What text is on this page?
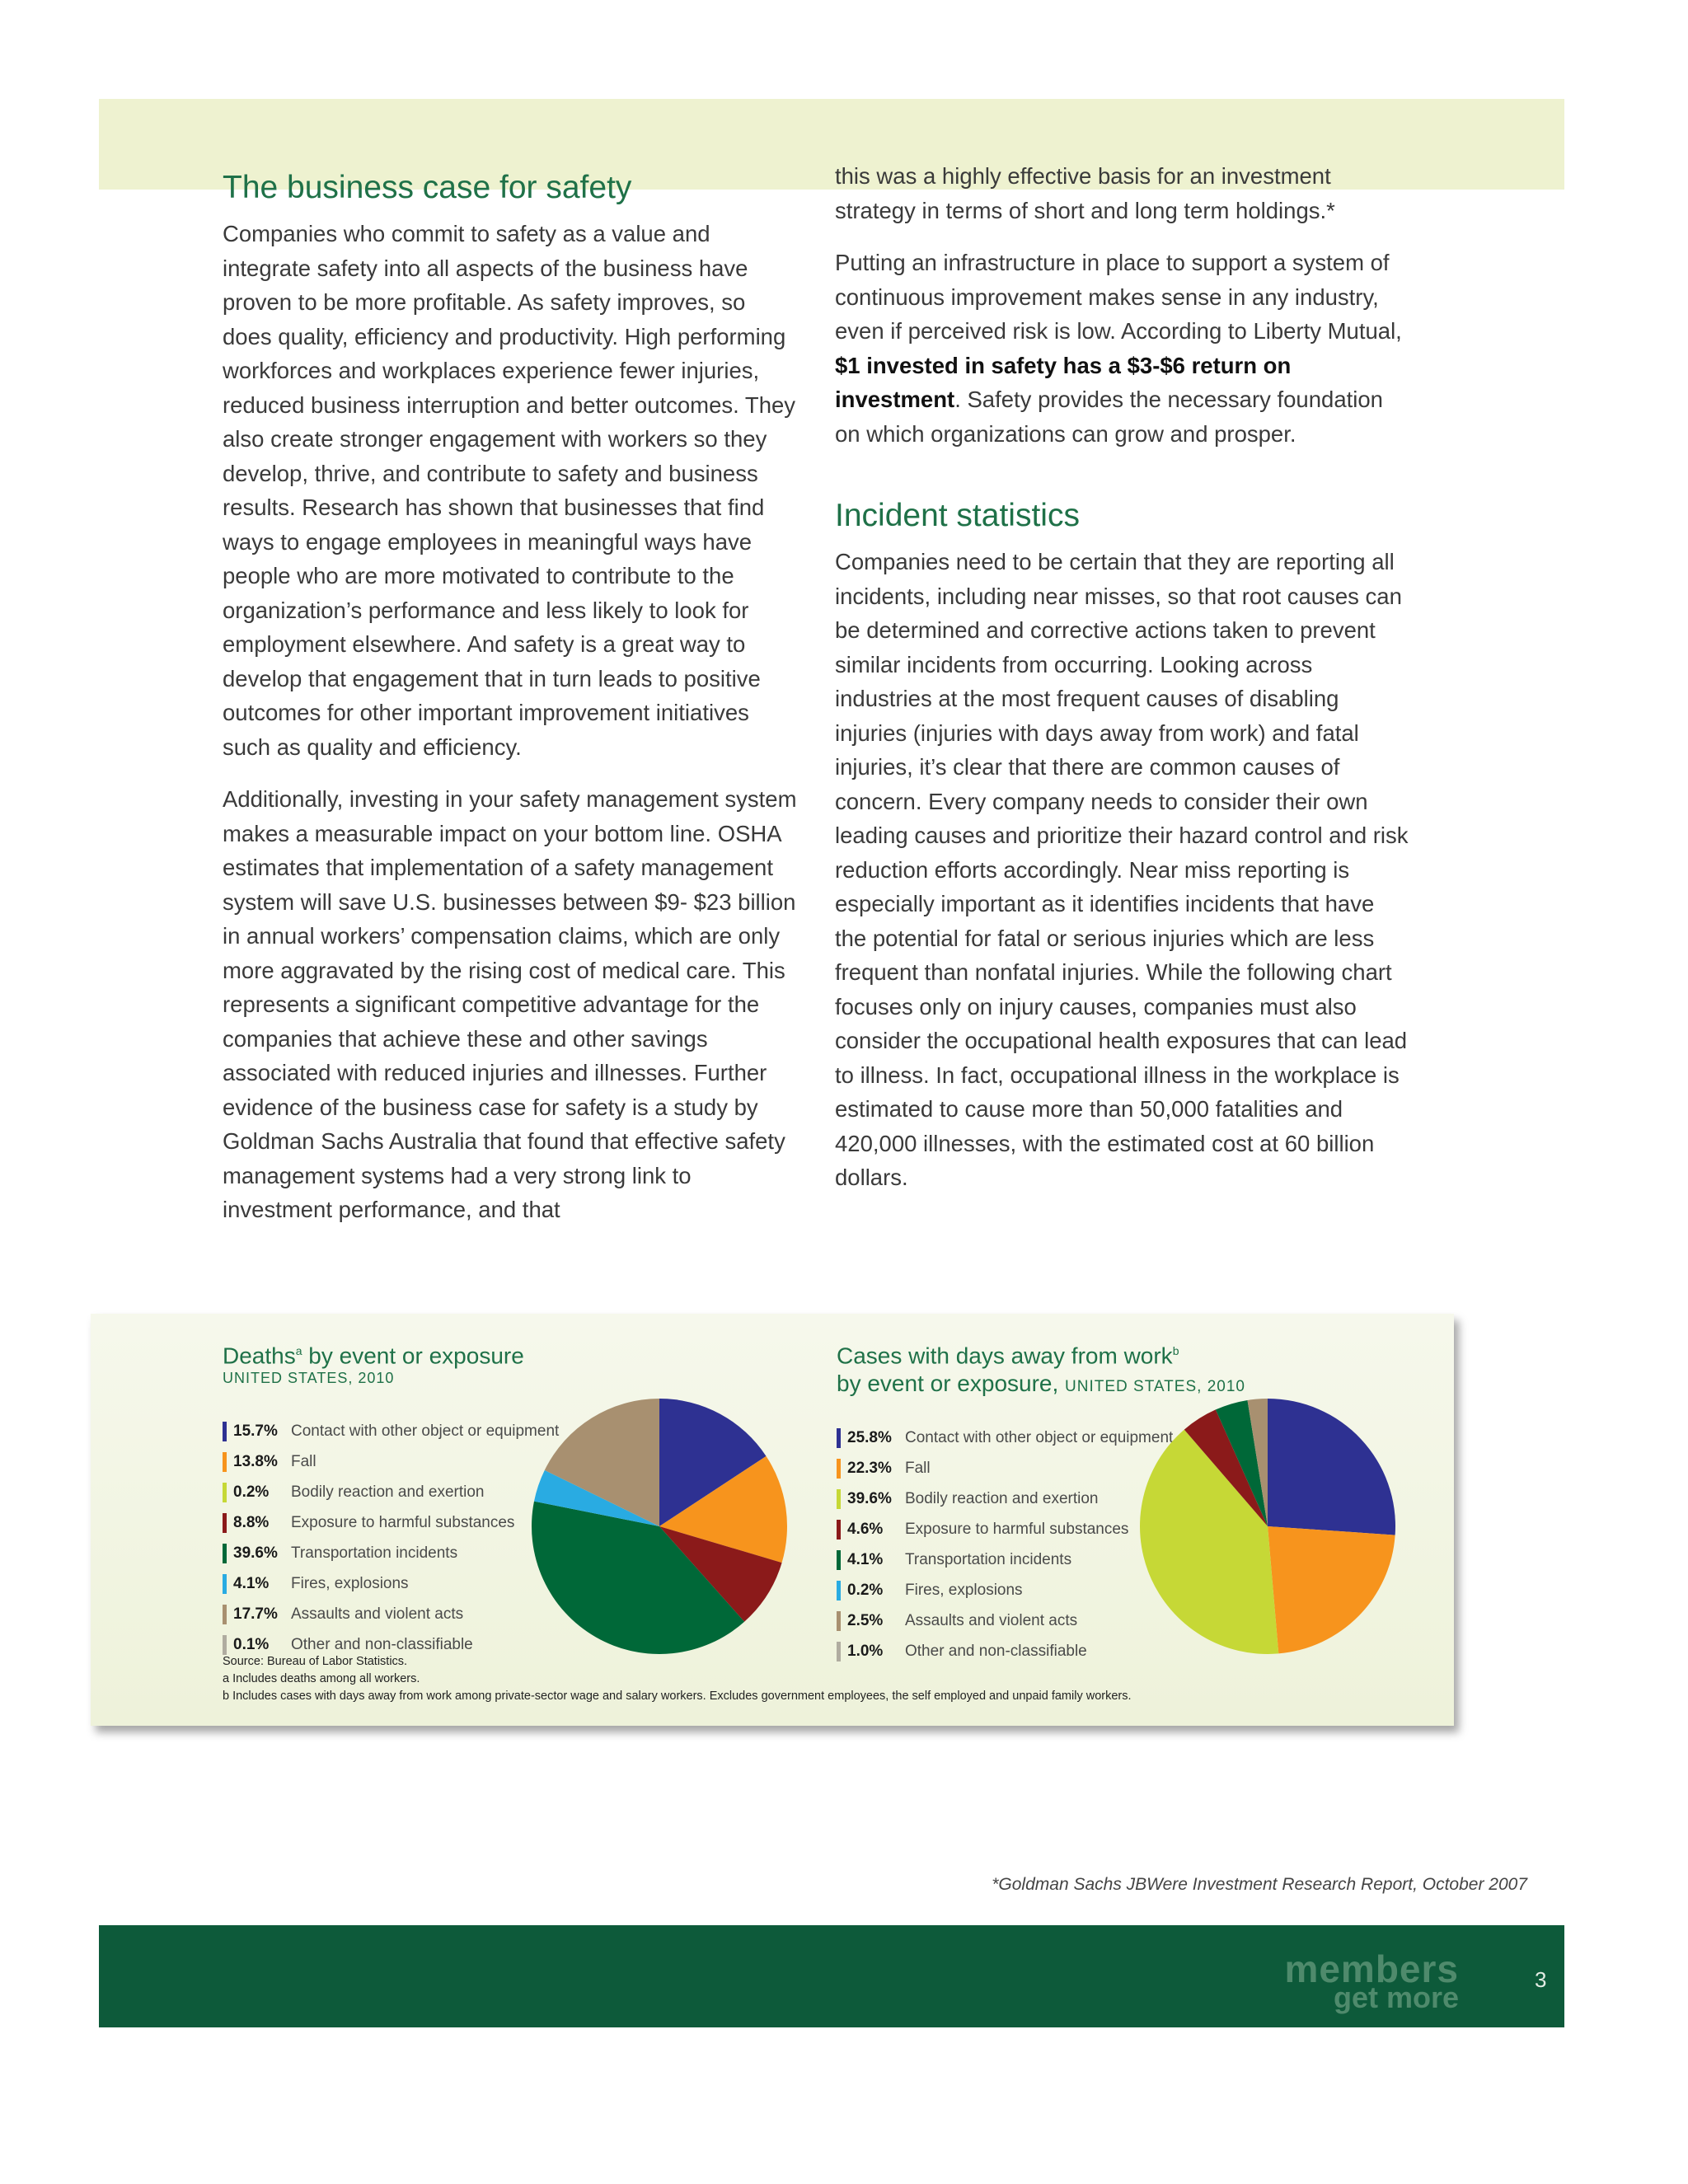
members
get more
3
The business case for safety

Companies who commit to safety as a value and integrate safety into all aspects of the business have proven to be more profitable. As safety improves, so does quality, efficiency and productivity. High performing workforces and workplaces experience fewer injuries, reduced business interruption and better outcomes. They also create stronger engagement with workers so they develop, thrive, and contribute to safety and business results. Research has shown that businesses that find ways to engage employees in meaningful ways have people who are more motivated to contribute to the organization’s performance and less likely to look for employment elsewhere. And safety is a great way to develop that engagement that in turn leads to positive outcomes for other important improvement initiatives such as quality and efficiency.

Additionally, investing in your safety management system makes a measurable impact on your bottom line. OSHA estimates that implementation of a safety management system will save U.S. businesses between $9- $23 billion in annual workers’ compensation claims, which are only more aggravated by the rising cost of medical care. This represents a significant competitive advantage for the companies that achieve these and other savings associated with reduced injuries and illnesses. Further evidence of the business case for safety is a study by Goldman Sachs Australia that found that effective safety management systems had a very strong link to investment performance, and that

this was a highly effective basis for an investment strategy in terms of short and long term holdings.*

Putting an infrastructure in place to support a system of continuous improvement makes sense in any industry, even if perceived risk is low. According to Liberty Mutual, $1 invested in safety has a $3-$6 return on investment. Safety provides the necessary foundation on which organizations can grow and prosper.

Incident statistics

Companies need to be certain that they are reporting all incidents, including near misses, so that root causes can be determined and corrective actions taken to prevent similar incidents from occurring. Looking across industries at the most frequent causes of disabling injuries (injuries with days away from work) and fatal injuries, it’s clear that there are common causes of concern. Every company needs to consider their own leading causes and prioritize their hazard control and risk reduction efforts accordingly. Near miss reporting is especially important as it identifies incidents that have the potential for fatal or serious injuries which are less frequent than nonfatal injuries. While the following chart focuses only on injury causes, companies must also consider the occupational health exposures that can lead to illness. In fact, occupational illness in the workplace is estimated to cause more than 50,000 fatalities and 420,000 illnesses, with the estimated cost at 60 billion dollars.

Deaths$^a$ by event or exposure
UNITED STATES, 2010
15.7% Contact with other object or equipment
13.8% Fall
0.2%	Bodily reaction and exertion
8.8%	Exposure to harmful substances
39.6% Transportation incidents
4.1%	Fires, explosions
17.7% Assaults and violent acts
0.1%	Other and non-classifiable
Cases with days away from work$^b$
by event or exposure, UNITED STATES, 2010
25.8% Contact with other object or equipment
22.3% Fall
39.6% Bodily reaction and exertion
4.6%	Exposure to harmful substances
4.1%	Transportation incidents
0.2%	Fires, explosions
2.5%	Assaults and violent acts
1.0%	Other and non-classifiable
Source: Bureau of Labor Statistics.
a Includes deaths among all workers.
b Includes cases with days away from work among private-sector wage and salary workers. Excludes government employees, the self employed and unpaid family workers.
*Goldman Sachs JBWere Investment Research Report, October 2007
